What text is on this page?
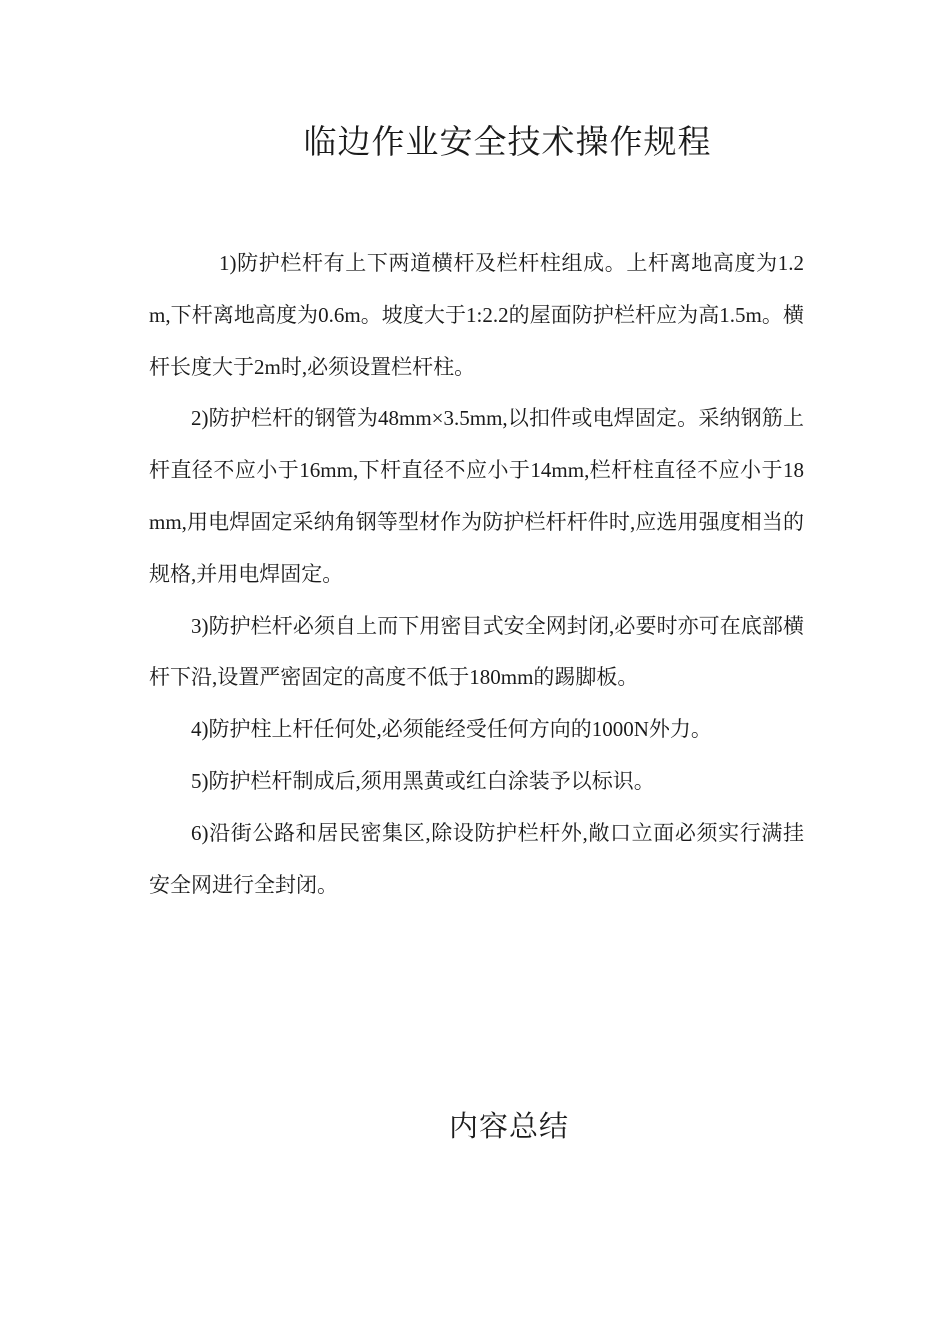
临边作业安全技术操作规程

1)防护栏杆有上下两道横杆及栏杆柱组成。上杆离地高度为1.2m,下杆离地高度为0.6m。坡度大于1:2.2的屋面防护栏杆应为高1.5m。横杆长度大于2m时,必须设置栏杆柱。

2)防护栏杆的钢管为48mm×3.5mm,以扣件或电焊固定。采纳钢筋上杆直径不应小于16mm,下杆直径不应小于14mm,栏杆柱直径不应小于18mm,用电焊固定采纳角钢等型材作为防护栏杆杆件时,应选用强度相当的规格,并用电焊固定。

3)防护栏杆必须自上而下用密目式安全网封闭,必要时亦可在底部横杆下沿,设置严密固定的高度不低于180mm的踢脚板。

4)防护柱上杆任何处,必须能经受任何方向的1000N外力。

5)防护栏杆制成后,须用黑黄或红白涂装予以标识。

6)沿街公路和居民密集区,除设防护栏杆外,敞口立面必须实行满挂安全网进行全封闭。

内容总结
